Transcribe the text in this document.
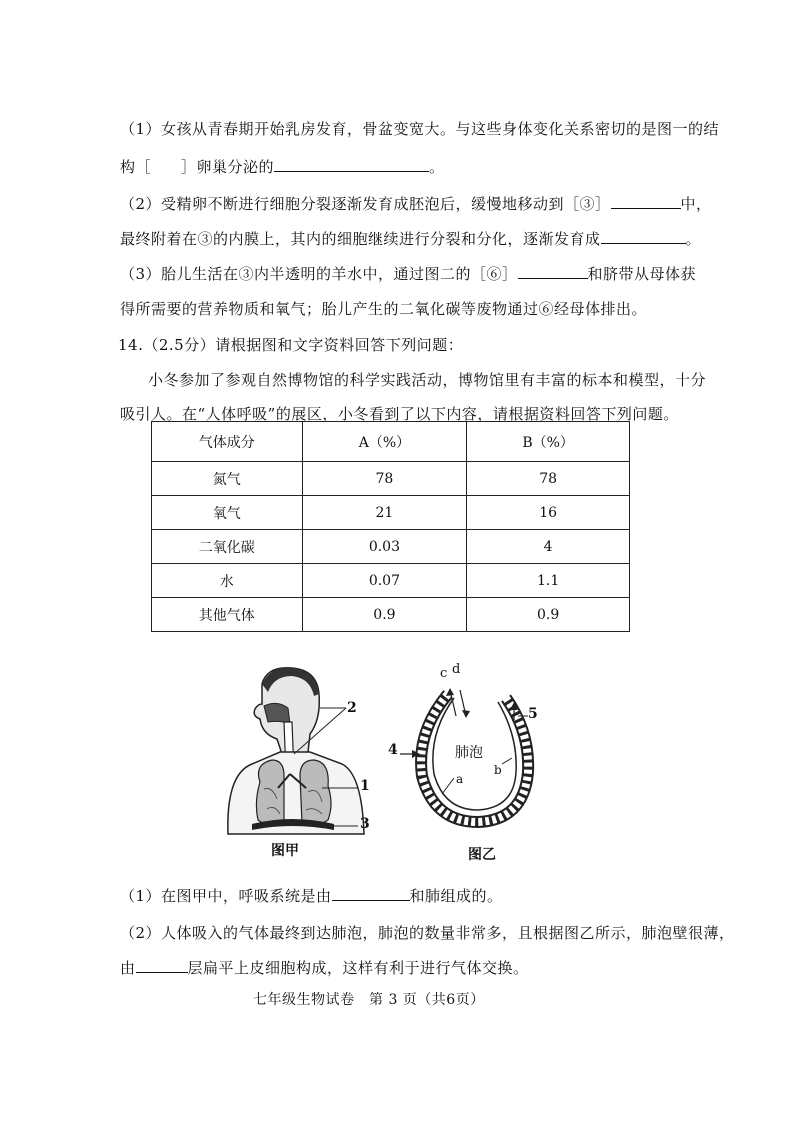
（1）女孩从青春期开始乳房发育，骨盆变宽大。与这些身体变化关系密切的是图一的结
构［ ］卵巢分泌的	。
（2）受精卵不断进行细胞分裂逐渐发育成胚泡后，缓慢地移动到［③］	中，
最终附着在③的内膜上，其内的细胞继续进行分裂和分化，逐渐发育成	。
（3）胎儿生活在③内半透明的羊水中，通过图二的［⑥］	和脐带从母体获
得所需要的营养物质和氧气；胎儿产生的二氧化碳等废物通过⑥经母体排出。
14.（2.5分）请根据图和文字资料回答下列问题：
小冬参加了参观自然博物馆的科学实践活动，博物馆里有丰富的标本和模型，十分
吸引人。在“人体呼吸”的展区，小冬看到了以下内容，请根据资料回答下列问题。
气体成分	A（%）	B（%）
氮气	78	78
氧气	21	16
二氧化碳	0.03	4
水	0.07	1.1
其他气体	0.9	0.9
2
1
3
图甲
c d
4
5
a
b
肺泡
图乙
（1）在图甲中，呼吸系统是由	和肺组成的。
（2）人体吸入的气体最终到达肺泡，肺泡的数量非常多，且根据图乙所示，肺泡壁很薄，
由	层扁平上皮细胞构成，这样有利于进行气体交换。
七年级生物试卷　第 3 页（共6页）
